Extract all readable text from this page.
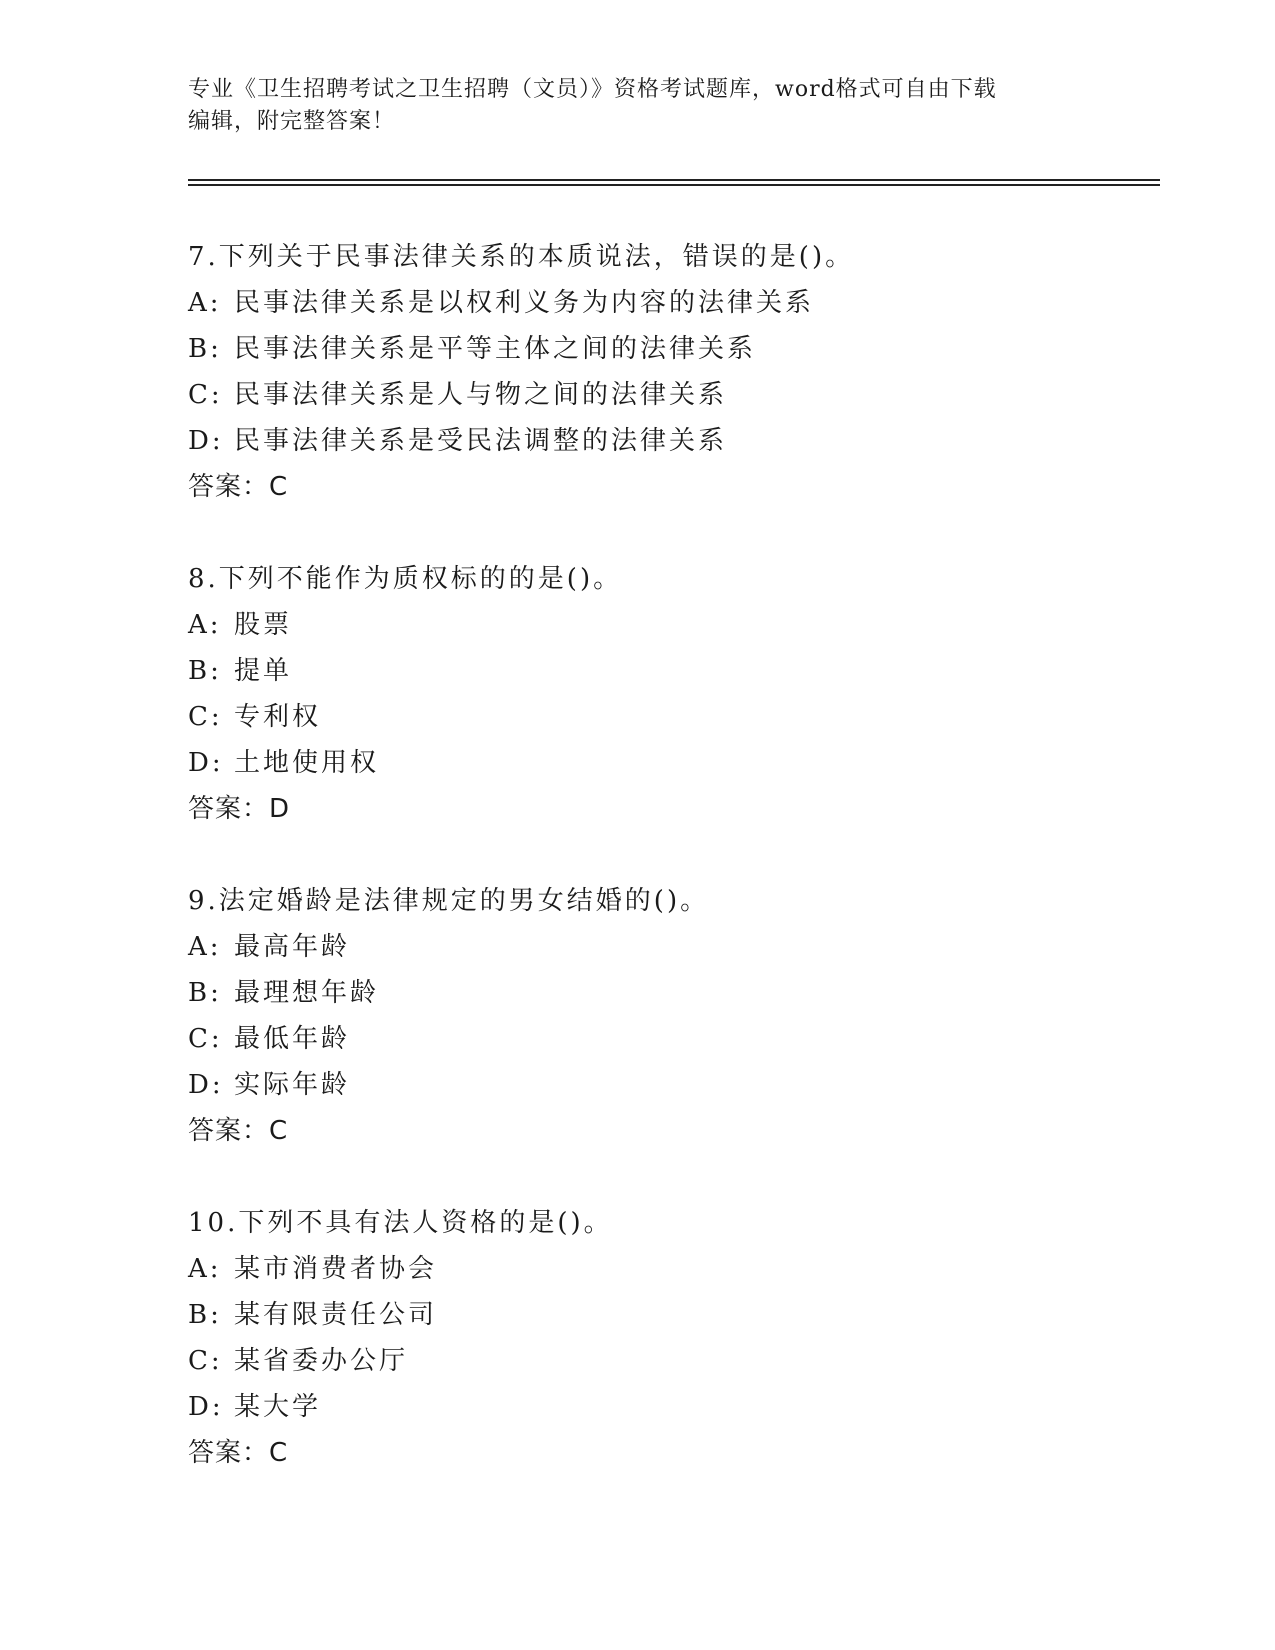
专业《卫生招聘考试之卫生招聘（文员）》资格考试题库，word格式可自由下载
编辑，附完整答案！
7.下列关于民事法律关系的本质说法，错误的是()。
A: 民事法律关系是以权利义务为内容的法律关系
B: 民事法律关系是平等主体之间的法律关系
C: 民事法律关系是人与物之间的法律关系
D: 民事法律关系是受民法调整的法律关系
答案：C
8.下列不能作为质权标的的是()。
A: 股票
B: 提单
C: 专利权
D: 土地使用权
答案：D
9.法定婚龄是法律规定的男女结婚的()。
A: 最高年龄
B: 最理想年龄
C: 最低年龄
D: 实际年龄
答案：C
10.下列不具有法人资格的是()。
A: 某市消费者协会
B: 某有限责任公司
C: 某省委办公厅
D: 某大学
答案：C
